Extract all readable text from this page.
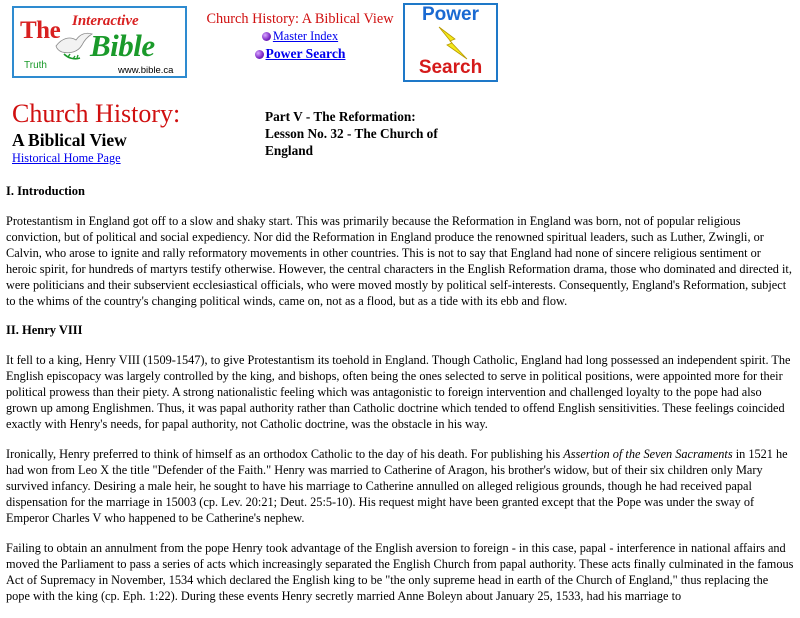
The Interactive
Bible
Truth	www.bible.ca
Church History: A Biblical View
Master Index
Power Search
Power
Search
Church History:
A Biblical View
Historical Home Page
Part V - The Reformation:
Lesson No. 32 - The Church of England
I. Introduction

Protestantism in England got off to a slow and shaky start. This was primarily because the Reformation in England was born, not of popular religious conviction, but of political and social expediency. Nor did the Reformation in England produce the renowned spiritual leaders, such as Luther, Zwingli, or Calvin, who arose to ignite and rally reformatory movements in other countries. This is not to say that England had none of sincere religious sentiment or heroic spirit, for hundreds of martyrs testify otherwise. However, the central characters in the English Reformation drama, those who dominated and directed it, were politicians and their subservient ecclesiastical officials, who were moved mostly by political self-interests. Consequently, England's Reformation, subject to the whims of the country's changing political winds, came on, not as a flood, but as a tide with its ebb and flow.

II. Henry VIII

It fell to a king, Henry VIII (1509-1547), to give Protestantism its toehold in England. Though Catholic, England had long possessed an independent spirit. The English episcopacy was largely controlled by the king, and bishops, often being the ones selected to serve in political positions, were appointed more for their political prowess than their piety. A strong nationalistic feeling which was antagonistic to foreign intervention and challenged loyalty to the pope had also grown up among Englishmen. Thus, it was papal authority rather than Catholic doctrine which tended to offend English sensitivities. These feelings coincided exactly with Henry's needs, for papal authority, not Catholic doctrine, was the obstacle in his way.

Ironically, Henry preferred to think of himself as an orthodox Catholic to the day of his death. For publishing his Assertion of the Seven Sacraments in 1521 he had won from Leo X the title "Defender of the Faith." Henry was married to Catherine of Aragon, his brother's widow, but of their six children only Mary survived infancy. Desiring a male heir, he sought to have his marriage to Catherine annulled on alleged religious grounds, though he had received papal dispensation for the marriage in 15003 (cp. Lev. 20:21; Deut. 25:5-10). His request might have been granted except that the Pope was under the sway of Emperor Charles V who happened to be Catherine's nephew.

Failing to obtain an annulment from the pope Henry took advantage of the English aversion to foreign - in this case, papal - interference in national affairs and moved the Parliament to pass a series of acts which increasingly separated the English Church from papal authority. These acts finally culminated in the famous Act of Supremacy in November, 1534 which declared the English king to be "the only supreme head in earth of the Church of England," thus replacing the pope with the king (cp. Eph. 1:22). During these events Henry secretly married Anne Boleyn about January 25, 1533, had his marriage to
